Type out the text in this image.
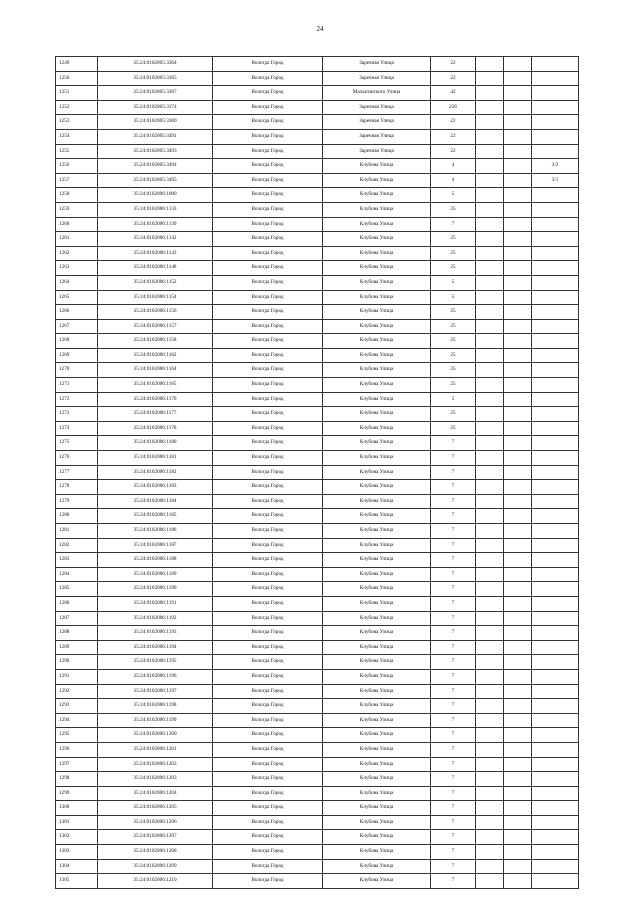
24
1249	35:24:0102005:3364	Вологда Город	Заречная Улица	22			
1250	35:24:0102005:3365	Вологда Город	Заречная Улица	22			
1251	35:24:0102005:3367	Вологда Город	Малысинского Улица	42			
1252	35:24:0102005:3374	Вологда Город	Заречная Улица	22б			
1253	35:24:0102005:3380	Вологда Город	Заречная Улица	22			
1254	35:24:0102005:3491	Вологда Город	Заречная Улица	22			
1255	35:24:0102005:3493	Вологда Город	Заречная Улица	22			
1256	35:24:0102005:3494	Вологда Город	Клубова Улица	4			3/2
1257	35:24:0102005:3495	Вологда Город	Клубова Улица	4			3/1
1258	35:24:0102006:1000	Вологда Город	Клубова Улица	5			
1259	35:24:0102006:1133	Вологда Город	Клубова Улица	25			
1260	35:24:0102006:1139	Вологда Город	Клубова Улица	7			
1261	35:24:0102006:1142	Вологда Город	Клубова Улица	25			
1262	35:24:0102006:1143	Вологда Город	Клубова Улица	25			
1263	35:24:0102006:1148	Вологда Город	Клубова Улица	25			
1264	35:24:0102006:1152	Вологда Город	Клубова Улица	5			
1265	35:24:0102006:1154	Вологда Город	Клубова Улица	5			
1266	35:24:0102006:1156	Вологда Город	Клубова Улица	25			
1267	35:24:0102006:1157	Вологда Город	Клубова Улица	25			
1268	35:24:0102006:1158	Вологда Город	Клубова Улица	25			
1269	35:24:0102006:1162	Вологда Город	Клубова Улица	25			
1270	35:24:0102006:1164	Вологда Город	Клубова Улица	25			
1271	35:24:0102006:1165	Вологда Город	Клубова Улица	25			
1272	35:24:0102006:1170	Вологда Город	Клубова Улица	5			
1273	35:24:0102006:1177	Вологда Город	Клубова Улица	25			
1274	35:24:0102006:1178	Вологда Город	Клубова Улица	25			
1275	35:24:0102006:1180	Вологда Город	Клубова Улица	7			
1276	35:24:0102006:1181	Вологда Город	Клубова Улица	7			
1277	35:24:0102006:1182	Вологда Город	Клубова Улица	7			
1278	35:24:0102006:1183	Вологда Город	Клубова Улица	7			
1279	35:24:0102006:1184	Вологда Город	Клубова Улица	7			
1280	35:24:0102006:1185	Вологда Город	Клубова Улица	7			
1281	35:24:0102006:1186	Вологда Город	Клубова Улица	7			
1282	35:24:0102006:1187	Вологда Город	Клубова Улица	7			
1283	35:24:0102006:1188	Вологда Город	Клубова Улица	7			
1284	35:24:0102006:1189	Вологда Город	Клубова Улица	7			
1285	35:24:0102006:1190	Вологда Город	Клубова Улица	7			
1286	35:24:0102006:1191	Вологда Город	Клубова Улица	7			
1287	35:24:0102006:1192	Вологда Город	Клубова Улица	7			
1288	35:24:0102006:1193	Вологда Город	Клубова Улица	7			
1289	35:24:0102006:1194	Вологда Город	Клубова Улица	7			
1290	35:24:0102006:1195	Вологда Город	Клубова Улица	7			
1291	35:24:0102006:1196	Вологда Город	Клубова Улица	7			
1292	35:24:0102006:1197	Вологда Город	Клубова Улица	7			
1293	35:24:0102006:1198	Вологда Город	Клубова Улица	7			
1294	35:24:0102006:1199	Вологда Город	Клубова Улица	7			
1295	35:24:0102006:1200	Вологда Город	Клубова Улица	7			
1296	35:24:0102006:1201	Вологда Город	Клубова Улица	7			
1297	35:24:0102006:1202	Вологда Город	Клубова Улица	7			
1298	35:24:0102006:1203	Вологда Город	Клубова Улица	7			
1299	35:24:0102006:1204	Вологда Город	Клубова Улица	7			
1300	35:24:0102006:1205	Вологда Город	Клубова Улица	7			
1301	35:24:0102006:1206	Вологда Город	Клубова Улица	7			
1302	35:24:0102006:1207	Вологда Город	Клубова Улица	7			
1303	35:24:0102006:1208	Вологда Город	Клубова Улица	7			
1304	35:24:0102006:1209	Вологда Город	Клубова Улица	7			
1305	35:24:0102006:1210	Вологда Город	Клубова Улица	7			
